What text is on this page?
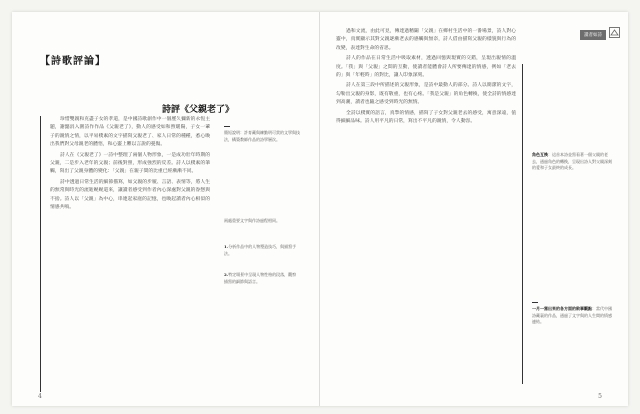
【詩歌評論】
詩評《父親老了》

珍惜雙親和克盡子女的孝道，是中國詩歌創作中一個歷久彌新的永恆主題，謝懿涓入圍詩作作品《父親老了》，動人的感受如和煦暖陽，子女一輩子的親情之情，以平易樸素的文字描寫父親老了、家人日常的種種，悉心喚出我們對父母親老的體悟，和心靈上難以言說的憂傷。

詩人在《父親老了》一詩中整理了兩個人物形象，一是成功壯年時期的父親，二是步入老年的父親；前後對照，形成強烈的反差。詩人以樸素的筆觸，寫出了父親身體的變化：「父親」在親子間的比重已經漸漸不同。

詩中透過日常生活的細節描寫，如父親的步履、言語、表情等，將人生的無常與時光的流逝娓娓道來，讓讀者感受到作者內心深處對父親的眷戀與不捨。詩人以「父親」為中心，串連起家庭的記憶，也喚起讀者內心相似的情感共鳴。

簡短說明：許育藏與練勤明可貴的文學與技法，構築教師作品的詩學層次。
兩處重要文字與作詩過程相同。
1.分析作品中的人物塑造技巧，與描寫手法。
2.特定場景中呈現人物性格的段落，觀察描寫的細節與語言。
4
讀者如詩

過和文流，由此可見，傳達過精闢「父親」在鄉村生活中的一番場景，詩人對心靈中，真實顯示其對父親逐漸老去的感觸與無奈，詩人借由描寫父親的樣貌與行為的改變，表達對生命的省思。

詩人的作品在日常生活中吸取素材，透過回憶與現實的交錯，呈現出親情的溫度。「我」與「父親」之間的互動，使讀者能體會詩人所要傳達的情感，例如「老去的」與「年輕時」的對比，讓人印象深刻。

詩人在第三段中所描述的父親形象，是詩中最動人的部分。詩人以簡潔的文字，勾勒出父親的身影，既有敬重，也有心疼。「我是父親」的角色轉換，使全詩的情感達到高潮，讀者也隨之感受到時光的無情。

全詩以樸實的語言，真摯的情感，描寫了子女對父親老去的感受，寓意深遠，值得細細品味。詩人用平凡的日常，寫出不平凡的親情，令人動容。

角色互換：這首本詩並寫看著一個父親的老去，通過角色的轉換，呈現出詩人對父親深刻的愛和子女最終的成長。
一月一寫出來的各方面的敘事觀點：當代中國詩藏裏的作品，通過了文字與的人生間的情感連結。
5
